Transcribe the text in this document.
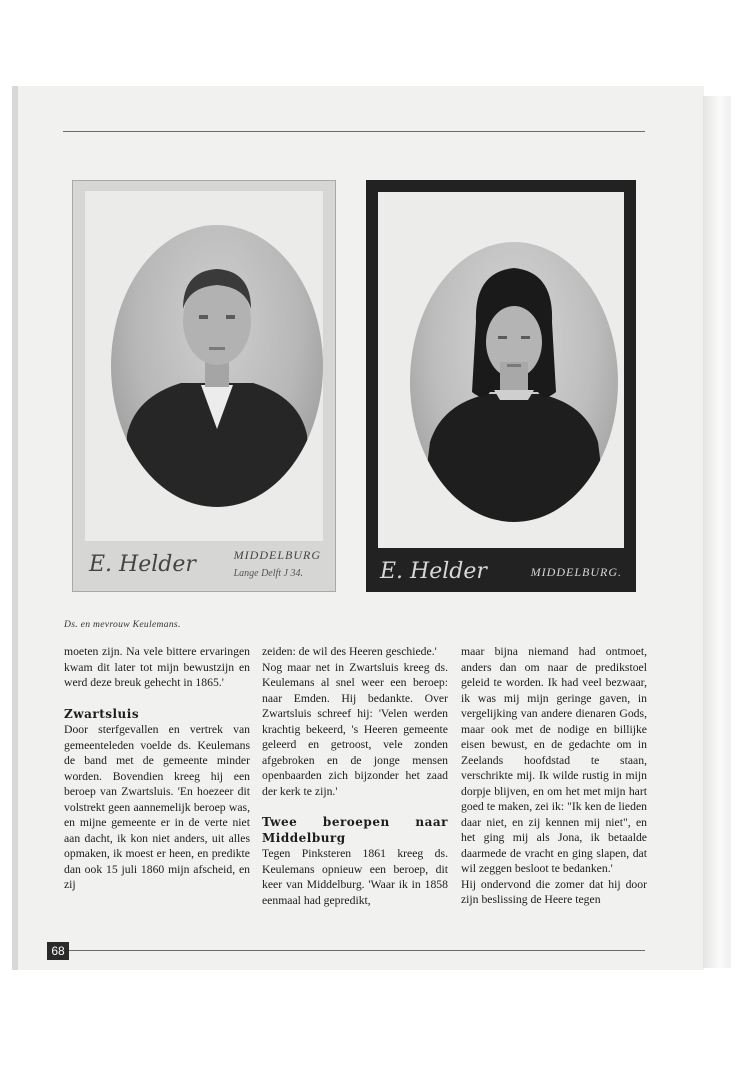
E. Helder	MIDDELBURG
Lange Delft J 34.	E. Helder	MIDDELBURG.

Ds. en mevrouw Keulemans.

moeten zijn. Na vele bittere ervaringen kwam dit later tot mijn bewustzijn en werd deze breuk gehecht in 1865.'

Zwartsluis

Door sterfgevallen en vertrek van gemeenteleden voelde ds. Keulemans de band met de gemeente minder worden. Bovendien kreeg hij een beroep van Zwartsluis. 'En hoezeer dit volstrekt geen aannemelijk beroep was, en mijne gemeente er in de verte niet aan dacht, ik kon niet anders, uit alles opmaken, ik moest er heen, en predikte dan ook 15 juli 1860 mijn afscheid, en zij

zeiden: de wil des Heeren geschiede.'

Nog maar net in Zwartsluis kreeg ds. Keulemans al snel weer een beroep: naar Emden. Hij bedankte. Over Zwartsluis schreef hij: 'Velen werden krachtig bekeerd, 's Heeren gemeente geleerd en getroost, vele zonden afgebroken en de jonge mensen openbaarden zich bijzonder het zaad der kerk te zijn.'

Twee beroepen naar Middelburg

Tegen Pinksteren 1861 kreeg ds. Keulemans opnieuw een beroep, dit keer van Middelburg. 'Waar ik in 1858 eenmaal had gepredikt,

maar bijna niemand had ontmoet, anders dan om naar de predikstoel geleid te worden. Ik had veel bezwaar, ik was mij mijn geringe gaven, in vergelijking van andere dienaren Gods, maar ook met de nodige en billijke eisen bewust, en de gedachte om in Zeelands hoofdstad te staan, verschrikte mij. Ik wilde rustig in mijn dorpje blijven, en om het met mijn hart goed te maken, zei ik: "Ik ken de lieden daar niet, en zij kennen mij niet", en het ging mij als Jona, ik betaalde daarmede de vracht en ging slapen, dat wil zeggen besloot te bedanken.'

Hij ondervond die zomer dat hij door zijn beslissing de Heere tegen

68
